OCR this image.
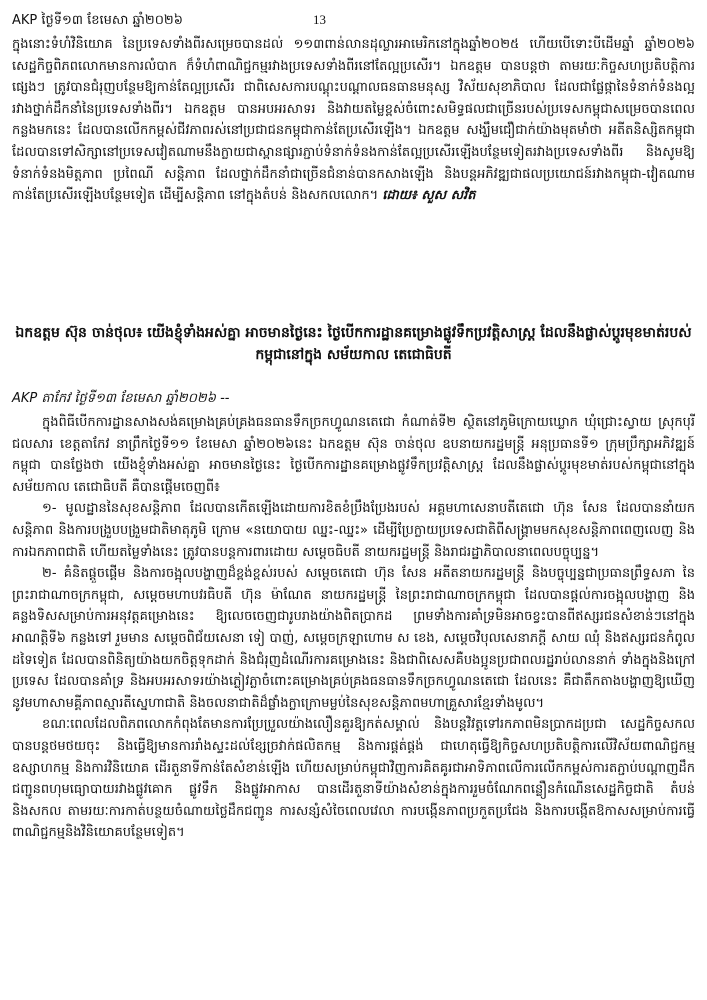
AKP ថ្ងៃទី១៣ ខែមេសា ឆ្នាំ២០២៦	13
ក្នុងនោះទំហំវិនិយោគ នៃប្រទេសទាំងពីរសម្រេចបានដល់ ១១៣ពាន់លានដុល្លារអាមេរិកនៅក្នុងឆ្នាំ២០២៥ ហើយបើទោះបីដើមឆ្នាំ ឆ្នាំ២០២៦ សេដ្ឋកិច្ចពិភពលោកមានការលំបាក ក៏ទំហំពាណិជ្ជកម្មរវាងប្រទេសទាំងពីរនៅតែល្អប្រសើរ។ ឯកឧត្តម បានបន្តថា តាមរយៈកិច្ចសហប្រតិបត្តិការផ្សេងៗ ត្រូវបានជំរុញបន្ថែមឱ្យកាន់តែល្អប្រសើរ ជាពិសេសការបណ្តុះបណ្តាលធនធានមនុស្ស វិស័យសុខាភិបាល ដែលជាផ្លែផ្កានៃទំនាក់ទំនងល្អរវាងថ្នាក់ដឹកនាំនៃប្រទេសទាំងពីរ។ ឯកឧត្តម បានអបអរសាទរ និងវាយតម្លៃខ្ពស់ចំពោះសមិទ្ធផលជាច្រើនរបស់ប្រទេសកម្ពុជាសម្រេចបានពេលកន្លងមកនេះ ដែលបានលើកកម្ពស់ជីវភាពរស់នៅប្រជាជនកម្ពុជាកាន់តែប្រសើរឡើង។ ឯកឧត្តម សង្ឃឹមជឿជាក់យ៉ាងមុតមាំថា អតីតនិស្សិតកម្ពុជាដែលបានទៅសិក្សានៅប្រទេសវៀតណាមនឹងក្លាយជាស្ពានផ្សារភ្ជាប់ទំនាក់ទំនងកាន់តែល្អប្រសើរឡើងបន្ថែមទៀតរវាងប្រទេសទាំងពីរ និងសូមឱ្យទំនាក់ទំនងមិត្តភាព ប្រពៃណី សន្តិភាព ដែលថ្នាក់ដឹកនាំជាច្រើនជំនាន់បានកសាងឡើង និងបន្តអភិវឌ្ឍជាផលប្រយោជន៍រវាងកម្ពុជា-វៀតណាម កាន់តែប្រសើរឡើងបន្ថែមទៀត ដើម្បីសន្តិភាព នៅក្នុងតំបន់ និងសកលលោក។ ដោយ៖ សួស សវិត
ឯកឧត្តម ស៊ុន ចាន់ថុល៖ យើងខ្ញុំទាំងអស់គ្នា អាចមានថ្ងៃនេះ ថ្ងៃបើកការដ្ឋានគម្រោងផ្លូវទឹកប្រវត្តិសាស្ត្រ ដែលនឹងផ្លាស់ប្តូរមុខមាត់របស់កម្ពុជានៅក្នុង សម័យកាល តេជោធិបតី
AKP តាកែវ ថ្ងៃទី១៣ ខែមេសា ឆ្នាំ២០២៦ --

ក្នុងពិធីបើកការដ្ឋានសាងសង់គម្រោងគ្រប់គ្រងធនធានទឹកច្រកហ្វូណនតេជោ កំណាត់ទី២ ស្ថិតនៅភូមិក្រោយឃ្លោក ឃុំជ្រោះស្វាយ ស្រុកបុរីជលសារ ខេត្តតាកែវ នាព្រឹកថ្ងៃទី១១ ខែមេសា ឆ្នាំ២០២៦នេះ ឯកឧត្តម ស៊ុន ចាន់ថុល ឧបនាយករដ្ឋមន្ត្រី អនុប្រធានទី១ ក្រុមប្រឹក្សាអភិវឌ្ឍន៍កម្ពុជា បានថ្លែងថា យើងខ្ញុំទាំងអស់គ្នា អាចមានថ្ងៃនេះ ថ្ងៃបើកការដ្ឋានគម្រោងផ្លូវទឹកប្រវត្តិសាស្ត្រ ដែលនឹងផ្លាស់ប្តូរមុខមាត់របស់កម្ពុជានៅក្នុង សម័យកាល តេជោធិបតី គឺបានផ្តើមចេញពី៖

១- មូលដ្ឋាននៃសុខសន្តិភាព ដែលបានកើតឡើងដោយការខិតខំប្រឹងប្រែងរបស់ អគ្គមហាសេនាបតីតេជោ ហ៊ុន សែន ដែលបាននាំយកសន្តិភាព និងការបង្រួបបង្រួមជាតិមាតុភូមិ ក្រោម «នយោបាយ ឈ្នះ-ឈ្នះ» ដើម្បីប្រែក្លាយប្រទេសជាតិពីសង្គ្រាមមកសុខសន្តិភាពពេញលេញ និងការឯកភាពជាតិ ហើយតម្លៃទាំងនេះ ត្រូវបានបន្តការពារដោយ សម្តេចធិបតី នាយករដ្ឋមន្ត្រី និងរាជរដ្ឋាភិបាលនាពេលបច្ចុប្បន្ន។

២- គំនិតផ្តួចផ្តើម និងការចង្អុលបង្ហាញដ៏ខ្ពង់ខ្ពស់របស់ សម្តេចតេជោ ហ៊ុន សែន អតីតនាយករដ្ឋមន្ត្រី និងបច្ចុប្បន្នជាប្រធានព្រឹទ្ធសភា នៃព្រះរាជាណាចក្រកម្ពុជា, សម្តេចមហាបវរធិបតី ហ៊ុន ម៉ាណែត នាយករដ្ឋមន្ត្រី នៃព្រះរាជាណាចក្រកម្ពុជា ដែលបានផ្តល់ការចង្អុលបង្ហាញ និងគន្លងទិសសម្រាប់ការអនុវត្តគម្រោងនេះ ឱ្យលេចចេញជារូបរាងយ៉ាងពិតប្រាកដ ព្រមទាំងការគាំទ្រមិនអាចខ្វះបានពីឥស្សរជនសំខាន់ៗនៅក្នុងអាណត្តិទី៦ កន្លងទៅ រួមមាន សម្តេចពិជ័យសេនា ទៀ បាញ់, សម្តេចក្រឡាហោម ស ខេង, សម្តេចវិបុលសេនាភក្តី សាយ ឈុំ និងឥស្សរជនកំពូលដទៃទៀត ដែលបានពិនិត្យយ៉ាងយកចិត្តទុកដាក់ និងជំរុញដំណើរការគម្រោងនេះ និងជាពិសេសគឺបងប្អូនប្រជាពលរដ្ឋរាប់លាននាក់ ទាំងក្នុងនិងក្រៅប្រទេស ដែលបានគាំទ្រ និងអបអរសាទរយ៉ាងភ្លៀវភ្លាចំពោះគម្រោងគ្រប់គ្រងធនធានទឹកច្រកហ្វូណនតេជោ ដែលនេះ គឺជាតឹកតាងបង្ហាញឱ្យឃើញនូវមហាសាមគ្គីភាពស្មារតីស្នេហាជាតិ និងចលនាជាតិដ៏ផ្លាំងក្លាក្រោមម្លប់នៃសុខសន្តិភាពមហាគ្រួសារខ្មែរទាំងមូល។

ខណៈពេលដែលពិភពលោកកំពុងតែមានការប្រែប្រួលយ៉ាងលឿនគួរឱ្យកត់សម្គាល់ និងបន្តវិវត្តទៅរកភាពមិនប្រាកដប្រជា សេដ្ឋកិច្ចសកលបានបន្តថមថយចុះ និងធ្វើឱ្យមានការរាំងស្ទះដល់ខ្សែច្រវាក់ផលិតកម្ម និងការផ្គត់ផ្គង់ ជាហេតុធ្វើឱ្យកិច្ចសហប្រតិបត្តិការលើវិស័យពាណិជ្ជកម្ម ឧស្សាហកម្ម និងការវិនិយោគ ដើរតួនាទីកាន់តែសំខាន់ឡើង ហើយសម្រាប់កម្ពុជាវិញការគិតគូរជាអាទិភាពលើការលើកកម្ពស់ការតភ្ជាប់បណ្តាញដឹកជញ្ជូនពហុមធ្យោបាយរវាងផ្លូវគោក ផ្លូវទឹក និងផ្លូវអាកាស បានដើរតួនាទីយ៉ាងសំខាន់ក្នុងការរួមចំណែកពន្លឿនកំណើនសេដ្ឋកិច្ចជាតិ តំបន់ និងសកល តាមរយៈការកាត់បន្ថយចំណាយថ្លៃដឹកជញ្ជូន ការសន្សំសំចៃពេលវេលា ការបង្កើនភាពប្រកួតប្រជែង និងការបង្កើតឱកាសសម្រាប់ការធ្វើពាណិជ្ជកម្មនិងវិនិយោគបន្ថែមទៀត។
